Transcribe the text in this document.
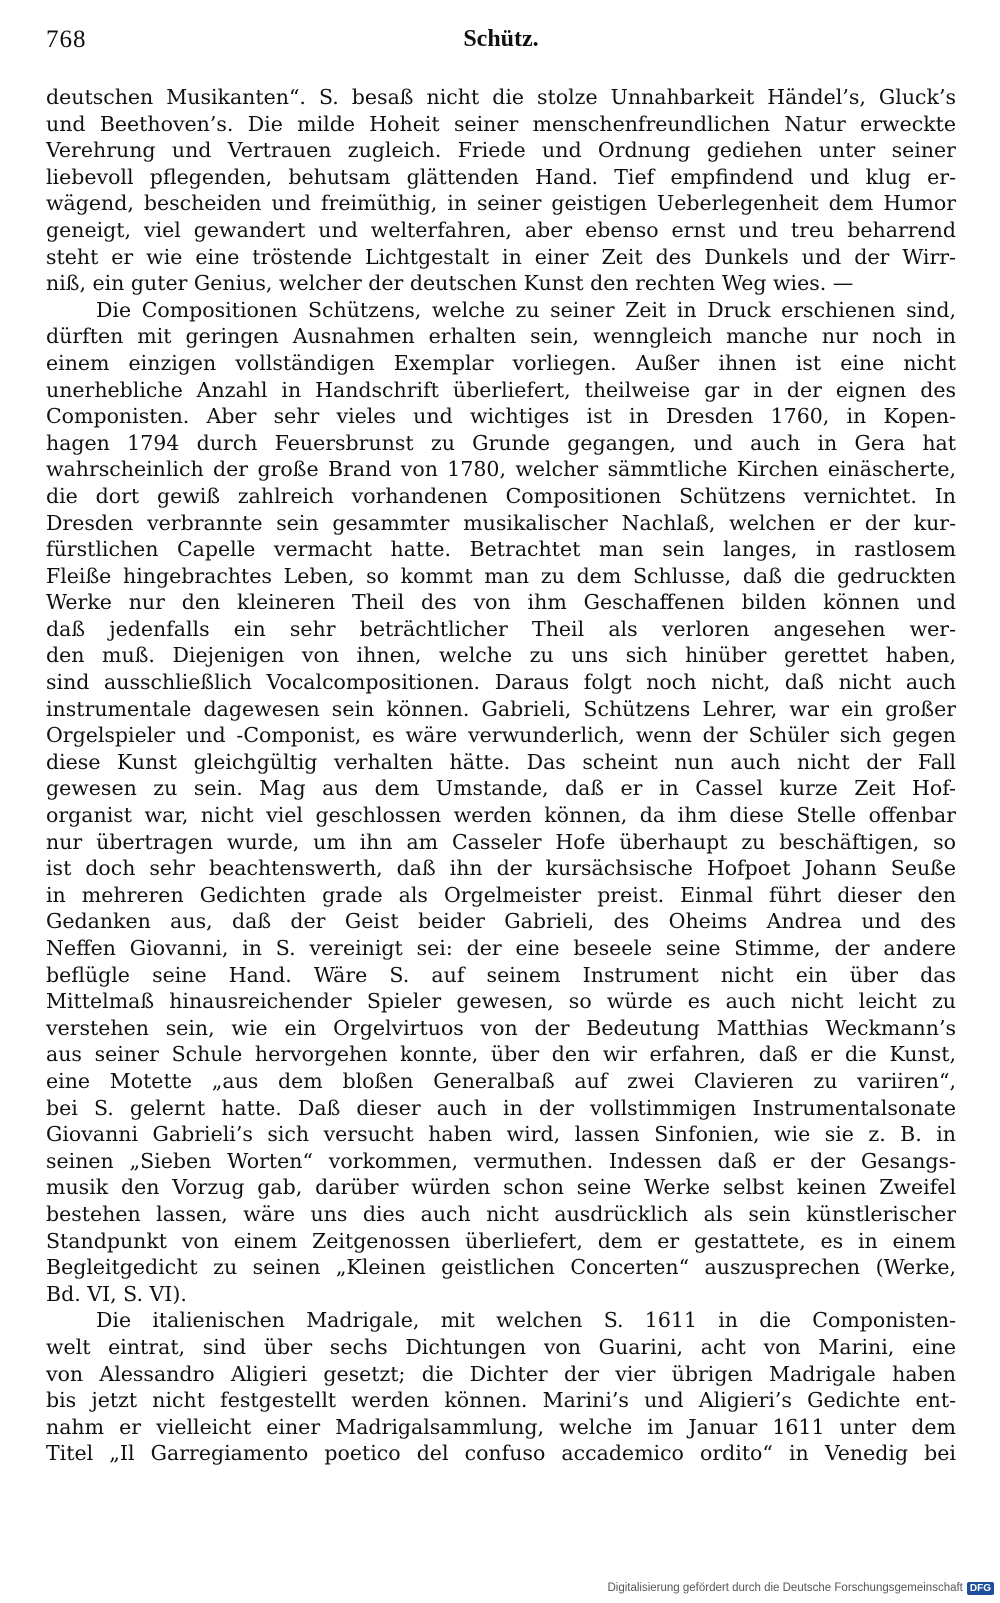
768	Schütz.
deutschen Musikanten“. S. besaß nicht die stolze Unnahbarkeit Händel’s, Gluck’s
und Beethoven’s. Die milde Hoheit seiner menschenfreundlichen Natur erweckte
Verehrung und Vertrauen zugleich. Friede und Ordnung gediehen unter seiner
liebevoll pflegenden, behutsam glättenden Hand. Tief empfindend und klug er-
wägend, bescheiden und freimüthig, in seiner geistigen Ueberlegenheit dem Humor
geneigt, viel gewandert und welterfahren, aber ebenso ernst und treu beharrend
steht er wie eine tröstende Lichtgestalt in einer Zeit des Dunkels und der Wirr-
niß, ein guter Genius, welcher der deutschen Kunst den rechten Weg wies. —
Die Compositionen Schützens, welche zu seiner Zeit in Druck erschienen sind,
dürften mit geringen Ausnahmen erhalten sein, wenngleich manche nur noch in
einem einzigen vollständigen Exemplar vorliegen. Außer ihnen ist eine nicht
unerhebliche Anzahl in Handschrift überliefert, theilweise gar in der eignen des
Componisten. Aber sehr vieles und wichtiges ist in Dresden 1760, in Kopen-
hagen 1794 durch Feuersbrunst zu Grunde gegangen, und auch in Gera hat
wahrscheinlich der große Brand von 1780, welcher sämmtliche Kirchen einäscherte,
die dort gewiß zahlreich vorhandenen Compositionen Schützens vernichtet. In
Dresden verbrannte sein gesammter musikalischer Nachlaß, welchen er der kur-
fürstlichen Capelle vermacht hatte. Betrachtet man sein langes, in rastlosem
Fleiße hingebrachtes Leben, so kommt man zu dem Schlusse, daß die gedruckten
Werke nur den kleineren Theil des von ihm Geschaffenen bilden können und
daß jedenfalls ein sehr beträchtlicher Theil als verloren angesehen wer-
den muß. Diejenigen von ihnen, welche zu uns sich hinüber gerettet haben,
sind ausschließlich Vocalcompositionen. Daraus folgt noch nicht, daß nicht auch
instrumentale dagewesen sein können. Gabrieli, Schützens Lehrer, war ein großer
Orgelspieler und -Componist, es wäre verwunderlich, wenn der Schüler sich gegen
diese Kunst gleichgültig verhalten hätte. Das scheint nun auch nicht der Fall
gewesen zu sein. Mag aus dem Umstande, daß er in Cassel kurze Zeit Hof-
organist war, nicht viel geschlossen werden können, da ihm diese Stelle offenbar
nur übertragen wurde, um ihn am Casseler Hofe überhaupt zu beschäftigen, so
ist doch sehr beachtenswerth, daß ihn der kursächsische Hofpoet Johann Seuße
in mehreren Gedichten grade als Orgelmeister preist. Einmal führt dieser den
Gedanken aus, daß der Geist beider Gabrieli, des Oheims Andrea und des
Neffen Giovanni, in S. vereinigt sei: der eine beseele seine Stimme, der andere
beflügle seine Hand. Wäre S. auf seinem Instrument nicht ein über das
Mittelmaß hinausreichender Spieler gewesen, so würde es auch nicht leicht zu
verstehen sein, wie ein Orgelvirtuos von der Bedeutung Matthias Weckmann’s
aus seiner Schule hervorgehen konnte, über den wir erfahren, daß er die Kunst,
eine Motette „aus dem bloßen Generalbaß auf zwei Clavieren zu variiren“,
bei S. gelernt hatte. Daß dieser auch in der vollstimmigen Instrumentalsonate
Giovanni Gabrieli’s sich versucht haben wird, lassen Sinfonien, wie sie z. B. in
seinen „Sieben Worten“ vorkommen, vermuthen. Indessen daß er der Gesangs-
musik den Vorzug gab, darüber würden schon seine Werke selbst keinen Zweifel
bestehen lassen, wäre uns dies auch nicht ausdrücklich als sein künstlerischer
Standpunkt von einem Zeitgenossen überliefert, dem er gestattete, es in einem
Begleitgedicht zu seinen „Kleinen geistlichen Concerten“ auszusprechen (Werke,
Bd. VI, S. VI).
Die italienischen Madrigale, mit welchen S. 1611 in die Componisten-
welt eintrat, sind über sechs Dichtungen von Guarini, acht von Marini, eine
von Alessandro Aligieri gesetzt; die Dichter der vier übrigen Madrigale haben
bis jetzt nicht festgestellt werden können. Marini’s und Aligieri’s Gedichte ent-
nahm er vielleicht einer Madrigalsammlung, welche im Januar 1611 unter dem
Titel „Il Garregiamento poetico del confuso accademico ordito“ in Venedig bei
Digitalisierung gefördert durch die Deutsche Forschungsgemeinschaft DFG
